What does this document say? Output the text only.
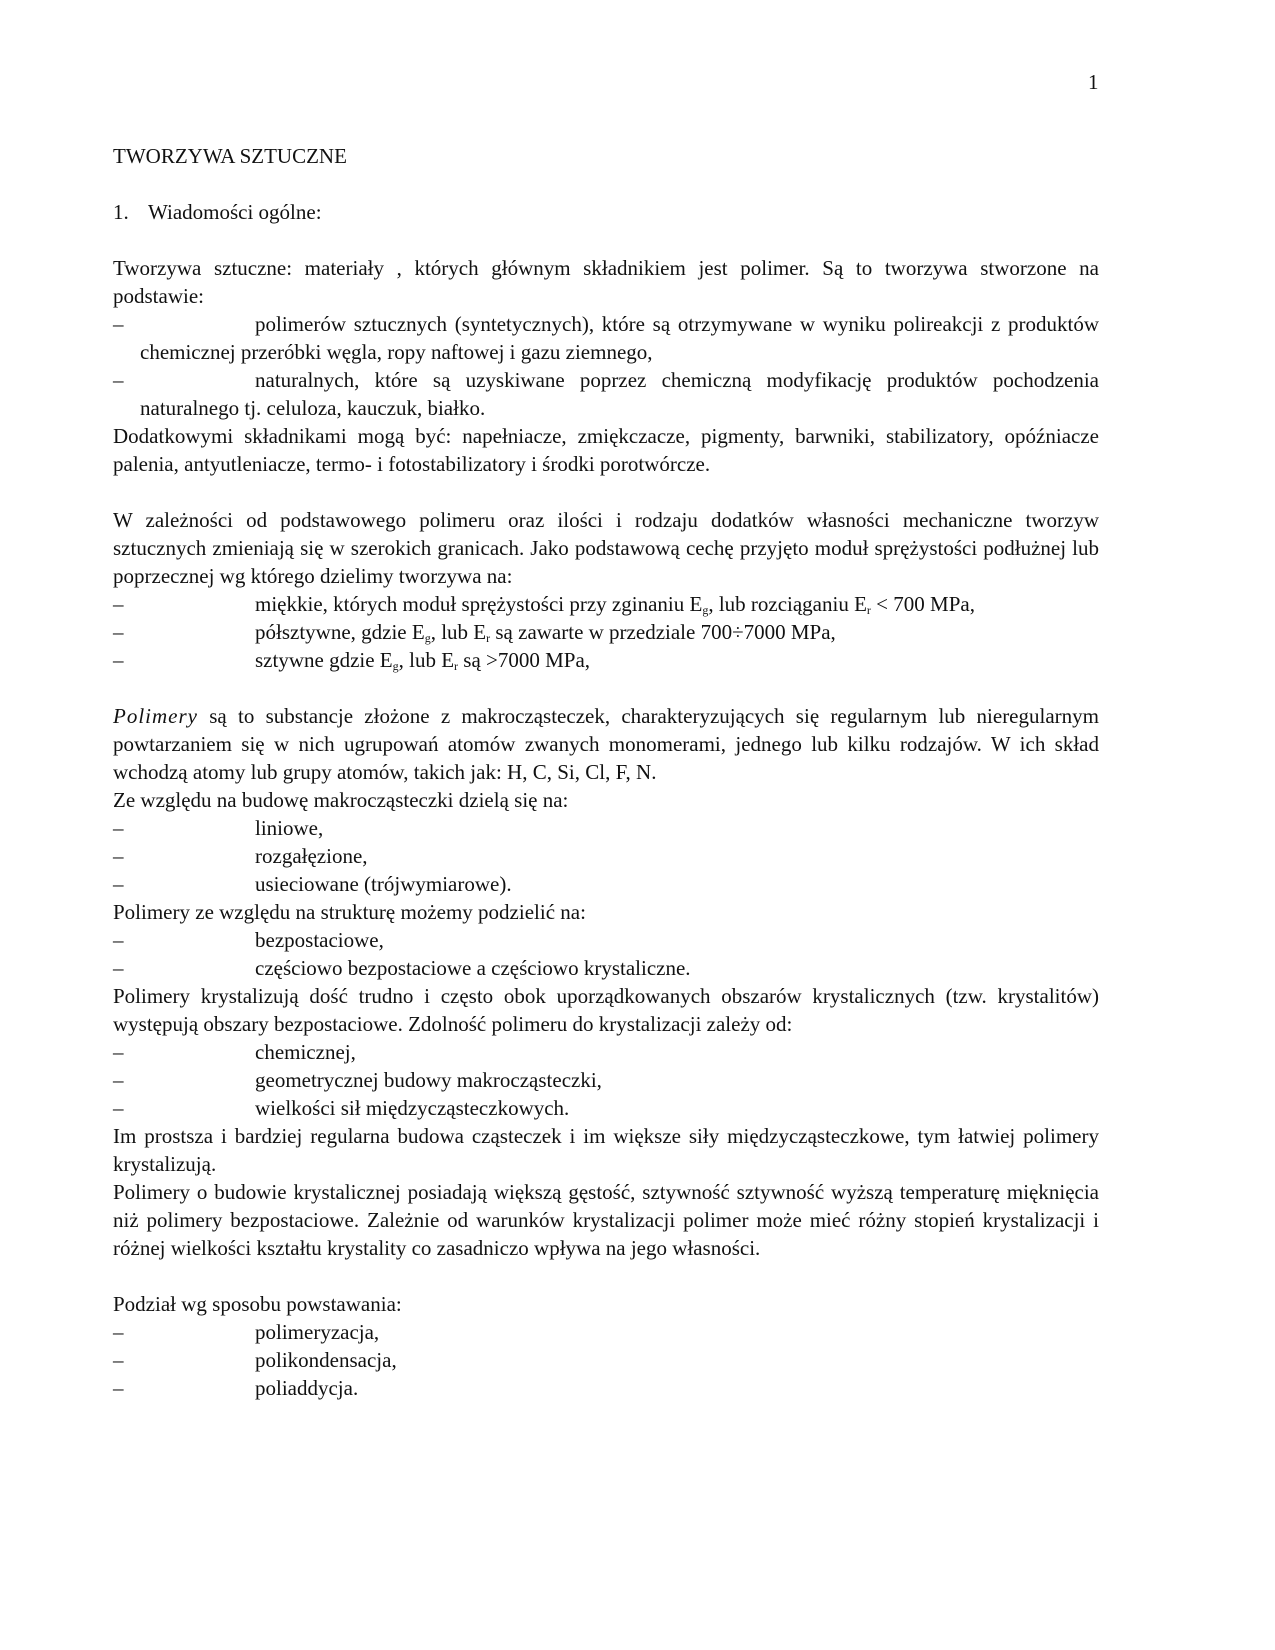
1

TWORZYWA SZTUCZNE

1. Wiadomości ogólne:

Tworzywa sztuczne: materiały , których głównym składnikiem jest polimer. Są to tworzywa stworzone na podstawie:

–	polimerów sztucznych (syntetycznych), które są otrzymywane w wyniku polireakcji z produktów chemicznej przeróbki węgla, ropy naftowej i gazu ziemnego,
–	naturalnych, które są uzyskiwane poprzez chemiczną modyfikację produktów pochodzenia naturalnego tj. celuloza, kauczuk, białko.

Dodatkowymi składnikami mogą być: napełniacze, zmiękczacze, pigmenty, barwniki, stabilizatory, opóźniacze palenia, antyutleniacze, termo- i fotostabilizatory i środki porotwórcze.

W zależności od podstawowego polimeru oraz ilości i rodzaju dodatków własności mechaniczne tworzyw sztucznych zmieniają się w szerokich granicach. Jako podstawową cechę przyjęto moduł sprężystości podłużnej lub poprzecznej wg którego dzielimy tworzywa na:

–	miękkie, których moduł sprężystości przy zginaniu $E_g$, lub rozciąganiu $E_r < 700$ MPa,
–	półsztywne, gdzie $E_g$, lub $E_r$ są zawarte w przedziale 700÷7000 MPa,
–	sztywne gdzie $E_g$, lub $E_r$ są >7000 MPa,

Polimery są to substancje złożone z makrocząsteczek, charakteryzujących się regularnym lub nieregularnym powtarzaniem się w nich ugrupowań atomów zwanych monomerami, jednego lub kilku rodzajów. W ich skład wchodzą atomy lub grupy atomów, takich jak: H, C, Si, Cl, F, N.

Ze względu na budowę makrocząsteczki dzielą się na:

–	liniowe,
–	rozgałęzione,
–	usieciowane (trójwymiarowe).

Polimery ze względu na strukturę możemy podzielić na:

–	bezpostaciowe,
–	częściowo bezpostaciowe a częściowo krystaliczne.

Polimery krystalizują dość trudno i często obok uporządkowanych obszarów krystalicznych (tzw. krystalitów) występują obszary bezpostaciowe. Zdolność polimeru do krystalizacji zależy od:

–	chemicznej,
–	geometrycznej budowy makrocząsteczki,
–	wielkości sił międzycząsteczkowych.

Im prostsza i bardziej regularna budowa cząsteczek i im większe siły międzycząsteczkowe, tym łatwiej polimery krystalizują.

Polimery o budowie krystalicznej posiadają większą gęstość, sztywność sztywność wyższą temperaturę mięknięcia niż polimery bezpostaciowe. Zależnie od warunków krystalizacji polimer może mieć różny stopień krystalizacji i różnej wielkości kształtu krystality co zasadniczo wpływa na jego własności.

Podział wg sposobu powstawania:

–	polimeryzacja,
–	polikondensacja,
–	poliaddycja.
